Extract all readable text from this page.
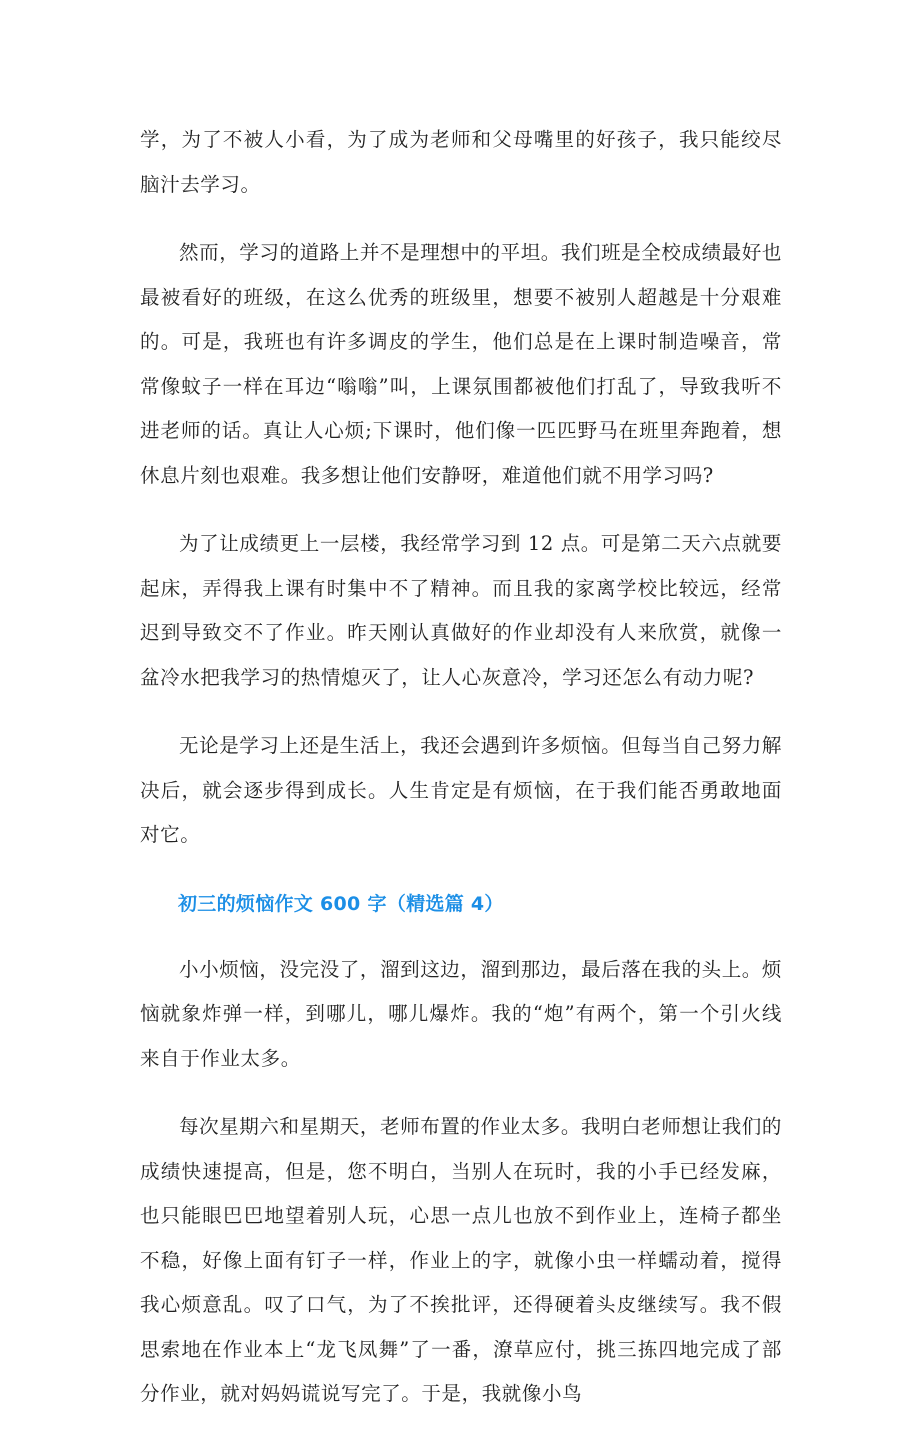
学，为了不被人小看，为了成为老师和父母嘴里的好孩子，我只能绞尽脑汁去学习。

然而，学习的道路上并不是理想中的平坦。我们班是全校成绩最好也最被看好的班级，在这么优秀的班级里，想要不被别人超越是十分艰难的。可是，我班也有许多调皮的学生，他们总是在上课时制造噪音，常常像蚊子一样在耳边“嗡嗡”叫，上课氛围都被他们打乱了，导致我听不进老师的话。真让人心烦;下课时，他们像一匹匹野马在班里奔跑着，想休息片刻也艰难。我多想让他们安静呀，难道他们就不用学习吗?

为了让成绩更上一层楼，我经常学习到 12 点。可是第二天六点就要起床，弄得我上课有时集中不了精神。而且我的家离学校比较远，经常迟到导致交不了作业。昨天刚认真做好的作业却没有人来欣赏，就像一盆冷水把我学习的热情熄灭了，让人心灰意冷，学习还怎么有动力呢?

无论是学习上还是生活上，我还会遇到许多烦恼。但每当自己努力解决后，就会逐步得到成长。人生肯定是有烦恼，在于我们能否勇敢地面对它。

初三的烦恼作文 600 字（精选篇 4）

小小烦恼，没完没了，溜到这边，溜到那边，最后落在我的头上。烦恼就象炸弹一样，到哪儿，哪儿爆炸。我的“炮”有两个，第一个引火线来自于作业太多。

每次星期六和星期天，老师布置的作业太多。我明白老师想让我们的成绩快速提高，但是，您不明白，当别人在玩时，我的小手已经发麻，也只能眼巴巴地望着别人玩，心思一点儿也放不到作业上，连椅子都坐不稳，好像上面有钉子一样，作业上的字，就像小虫一样蠕动着，搅得我心烦意乱。叹了口气，为了不挨批评，还得硬着头皮继续写。我不假思索地在作业本上“龙飞凤舞”了一番，潦草应付，挑三拣四地完成了部分作业，就对妈妈谎说写完了。于是，我就像小鸟
